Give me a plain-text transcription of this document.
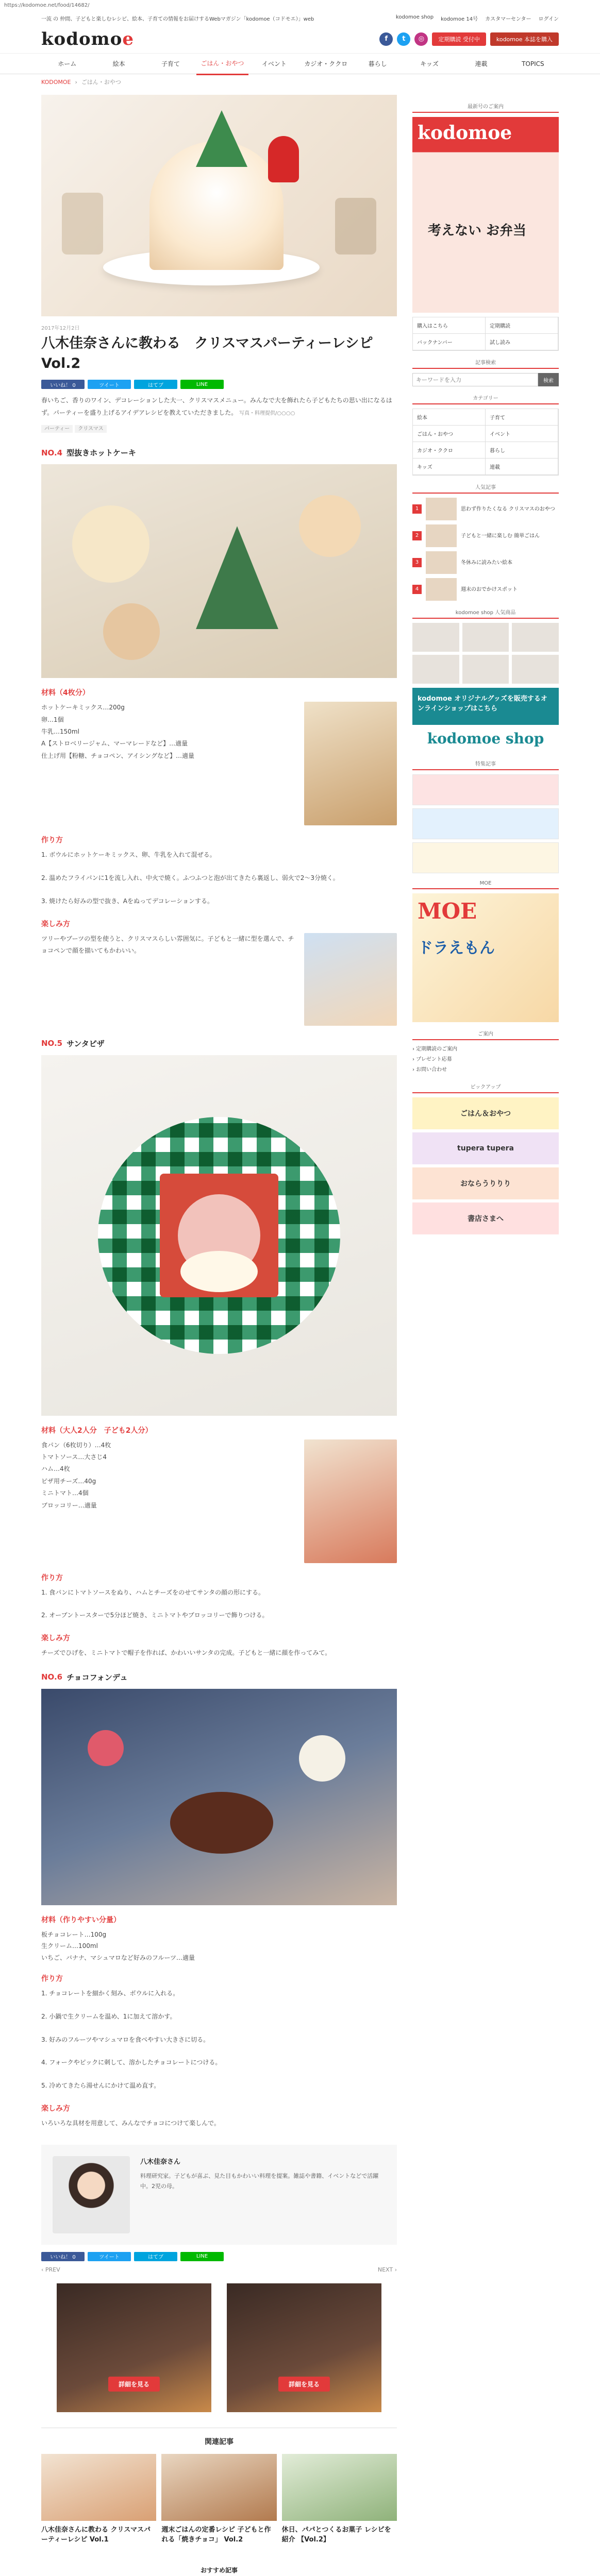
https://kodomoe.net/food/14682/
一流 の 仲間、子どもと楽しむレシピ、絵本、子育ての情報をお届けするWebマガジン「kodomoe（コドモエ）」web	kodomoe shop kodomoe 14号 カスタマーセンター ログイン
kodomoe	f	t	◎	定期購読 受付中	kodomoe 本誌を購入
ホーム	絵本	子育て	ごはん・おやつ	イベント	カジオ・ククロ	暮らし	キッズ	連載	TOPICS
KODOMOE › ごはん・おやつ
2017年12月2日
八木佳奈さんに教わる　クリスマスパーティーレシピ Vol.2
いいね！ 0	ツイート	はてブ	LINE

春いちご、香りのワイン、デコレーションした大一、クリスマスメニュー。みんなで大を飾れたら子どもたちの思い出になるはず。パーティーを盛り上げるアイデアレシピを教えていただきました。 写真・料理提供/○○○○

パーティー クリスマス
NO.4 型抜きホットケーキ
材料（4枚分）
ホットケーキミックス…200g
卵…1個
牛乳…150ml
A【ストロベリージャム、マーマレードなど】…適量
仕上げ用【粉糖、チョコペン、アイシングなど】…適量
作り方

1. ボウルにホットケーキミックス、卵、牛乳を入れて混ぜる。

2. 温めたフライパンに1を流し入れ、中火で焼く。ふつふつと泡が出てきたら裏返し、弱火で2〜3分焼く。

3. 焼けたら好みの型で抜き、Aをぬってデコレーションする。

楽しみ方
ツリーやブーツの型を使うと、クリスマスらしい雰囲気に。子どもと一緒に型を選んで、チョコペンで顔を描いてもかわいい。
NO.5 サンタピザ
材料（大人2人分　子ども2人分）
食パン（6枚切り）…4枚
トマトソース…大さじ4
ハム…4枚
ピザ用チーズ…40g
ミニトマト…4個
ブロッコリー…適量
作り方

1. 食パンにトマトソースをぬり、ハムとチーズをのせてサンタの顔の形にする。

2. オーブントースターで5分ほど焼き、ミニトマトやブロッコリーで飾りつける。

楽しみ方
チーズでひげを、ミニトマトで帽子を作れば、かわいいサンタの完成。子どもと一緒に顔を作ってみて。
NO.6 チョコフォンデュ
材料（作りやすい分量）
板チョコレート…100g
生クリーム…100ml
いちご、バナナ、マシュマロなど好みのフルーツ…適量
作り方

1. チョコレートを細かく刻み、ボウルに入れる。

2. 小鍋で生クリームを温め、1に加えて溶かす。

3. 好みのフルーツやマシュマロを食べやすい大きさに切る。

4. フォークやピックに刺して、溶かしたチョコレートにつける。

5. 冷めてきたら湯せんにかけて温め直す。

楽しみ方
いろいろな具材を用意して、みんなでチョコにつけて楽しんで。
八木佳奈さん
料理研究家。子どもが喜ぶ、見た目もかわいい料理を提案。雑誌や書籍、イベントなどで活躍中。2児の母。
いいね！ 0	ツイート	はてブ	LINE
‹ PREV	NEXT ›
詳細を見る	詳細を見る
関連記事
八木佳奈さんに教わる クリスマスパーティーレシピ Vol.1
週末ごはんの定番レシピ 子どもと作れる「焼きチョコ」 Vol.2
休日、パパとつくるお菓子 レシピを紹介 【Vol.2】
おすすめ記事
最新号のご案内
kodomoe
考えない お弁当
購入はこちら	定期購読
バックナンバー	試し読み
記事検索
キーワードを入力
検索
カテゴリー
絵本	子育て
ごはん・おやつ	イベント
カジオ・ククロ	暮らし
キッズ	連載
人気記事
1	思わず作りたくなる クリスマスのおやつ
2	子どもと一緒に楽しむ 簡単ごはん
3	冬休みに読みたい絵本
4	週末のおでかけスポット
kodomoe shop 人気商品
kodomoe オリジナルグッズを販売するオンラインショップはこちら
kodomoe shop
特集記事
MOE
MOE
ドラえもん
ご案内
› 定期購読のご案内
› プレゼント応募
› お問い合わせ
ピックアップ
ごはん＆おやつ
tupera tupera
おならうりりり
書店さまへ
